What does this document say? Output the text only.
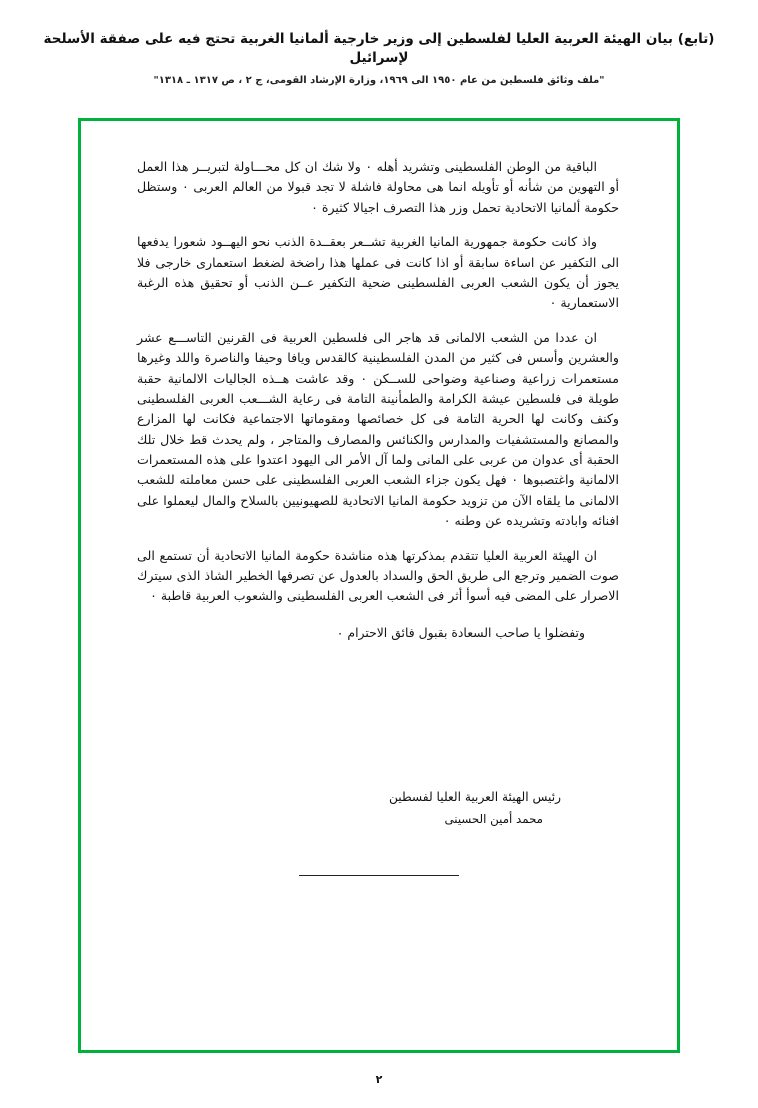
(تابع) بيان الهيئة العربية العليا لفلسطين إلى وزير خارجية ألمانيا الغربية تحتج فيه على صفقة الأسلحة لإسرائيل
"ملف وثائق فلسطين من عام ١٩٥٠ الى ١٩٦٩، وزارة الإرشاد القومى، ج ٢ ، ص ١٣١٧ ـ ١٣١٨"

الباقية من الوطن الفلسطينى وتشريد أهله ٠ ولا شك ان كل محـــاولة لتبريــر هذا العمل أو التهوين من شأنه أو تأويله انما هى محاولة فاشلة لا تجد قبولا من العالم العربى ٠ وستظل حكومة ألمانيا الاتحادية تحمل وزر هذا التصرف اجيالا كثيرة ٠

واذ كانت حكومة جمهورية المانيا الغربية تشــعر بعقــدة الذنب نحو اليهــود شعورا يدفعها الى التكفير عن اساءة سابقة أو اذا كانت فى عملها هذا راضخة لضغط استعمارى خارجى فلا يجوز أن يكون الشعب العربى الفلسطينى ضحية التكفير عــن الذنب أو تحقيق هذه الرغبة الاستعمارية ٠

ان عددا من الشعب الالمانى قد هاجر الى فلسطين العربية فى القرنين التاســـع عشر والعشرين وأسس فى كثير من المدن الفلسطينية كالقدس ويافا وحيفا والناصرة واللد وغيرها مستعمرات زراعية وصناعية وضواحى للســكن ٠ وقد عاشت هــذه الجاليات الالمانية حقبة طويلة فى فلسطين عيشة الكرامة والطمأنينة التامة فى رعاية الشـــعب العربى الفلسطينى وكنف وكانت لها الحرية التامة فى كل خصائصها ومقوماتها الاجتماعية فكانت لها المزارع والمصانع والمستشفيات والمدارس والكنائس والمصارف والمتاجر ، ولم يحدث قط خلال تلك الحقبة أى عدوان من عربى على المانى ولما آل الأمر الى اليهود اعتدوا على هذه المستعمرات الالمانية واغتصبوها ٠ فهل يكون جزاء الشعب العربى الفلسطينى على حسن معاملته للشعب الالمانى ما يلقاه الآن من تزويد حكومة المانيا الاتحادية للصهيونيين بالسلاح والمال ليعملوا على افنائه وابادته وتشريده عن وطنه ٠

ان الهيئة العربية العليا تتقدم بمذكرتها هذه مناشدة حكومة المانيا الاتحادية أن تستمع الى صوت الضمير وترجع الى طريق الحق والسداد بالعدول عن تصرفها الخطير الشاذ الذى سيترك الاصرار على المضى فيه أسوأ أثر فى الشعب العربى الفلسطينى والشعوب العربية قاطبة ٠

وتفضلوا يا صاحب السعادة بقبول فائق الاحترام ٠

رئيس الهيئة العربية العليا لفسطين
محمد أمين الحسينى
٢
